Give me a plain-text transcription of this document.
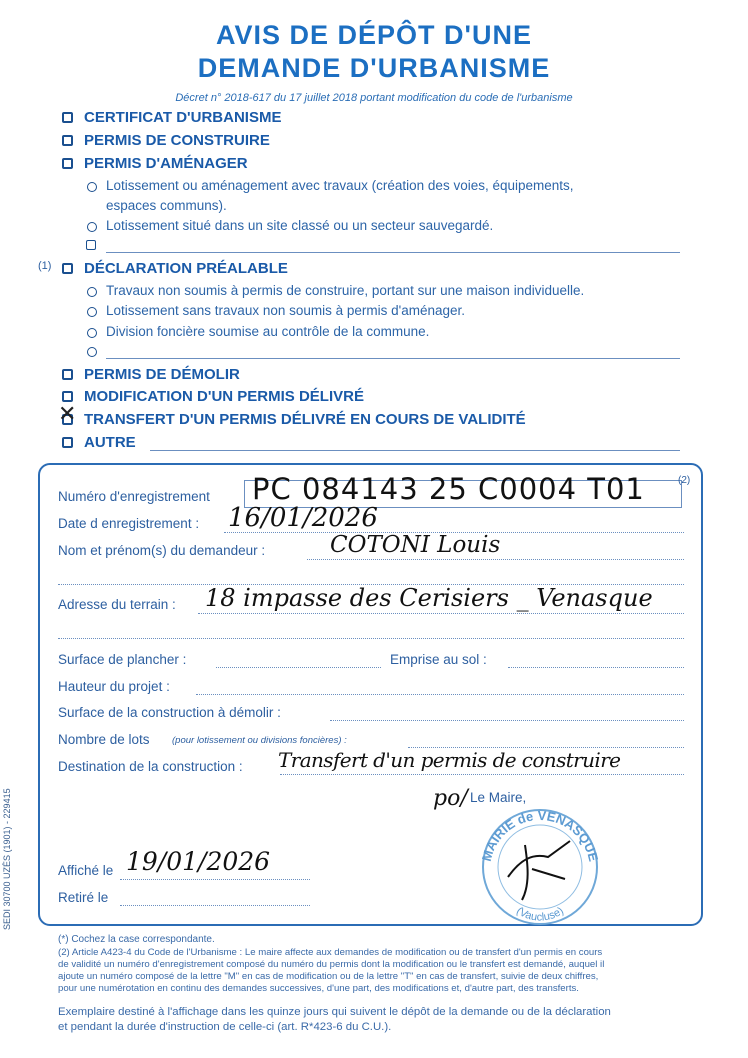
AVIS DE DÉPÔT D'UNE
DEMANDE D'URBANISME
Décret n° 2018-617 du 17 juillet 2018 portant modification du code de l'urbanisme
CERTIFICAT D'URBANISME
PERMIS DE CONSTRUIRE
PERMIS D'AMÉNAGER
Lotissement ou aménagement avec travaux (création des voies, équipements,
espaces communs).
Lotissement situé dans un site classé ou un secteur sauvegardé.
(1) DÉCLARATION PRÉALABLE
Travaux non soumis à permis de construire, portant sur une maison individuelle.
Lotissement sans travaux non soumis à permis d'aménager.
Division foncière soumise au contrôle de la commune.
PERMIS DE DÉMOLIR
MODIFICATION D'UN PERMIS DÉLIVRÉ
✕ TRANSFERT D'UN PERMIS DÉLIVRÉ EN COURS DE VALIDITÉ
AUTRE
Numéro d'enregistrement PC 084143 25 C0004 T01	(2)
Date d enregistrement : 16/01/2026
Nom et prénom(s) du demandeur :	COTONI Louis
Adresse du terrain : 18 impasse des Cerisiers _ Venasque
Surface de plancher :	Emprise au sol :
Hauteur du projet :
Surface de la construction à démolir :
Nombre de lots (pour lotissement ou divisions foncières) :
Destination de la construction : Transfert d'un permis de construire
po/ Le Maire,
MAIRIE de VENASQUE
(Vaucluse)
Affiché le 19/01/2026
Retiré le
SEDI 30700 UZÈS (1901) - 229415
(*) Cochez la case correspondante.
(2) Article A423-4 du Code de l'Urbanisme : Le maire affecte aux demandes de modification ou de transfert d'un permis en cours
de validité un numéro d'enregistrement composé du numéro du permis dont la modification ou le transfert est demandé, auquel il
ajoute un numéro composé de la lettre "M" en cas de modification ou de la lettre "T" en cas de transfert, suivie de deux chiffres,
pour une numérotation en continu des demandes successives, d'une part, des modifications et, d'autre part, des transferts.
Exemplaire destiné à l'affichage dans les quinze jours qui suivent le dépôt de la demande ou de la déclaration
et pendant la durée d'instruction de celle-ci (art. R*423-6 du C.U.).
